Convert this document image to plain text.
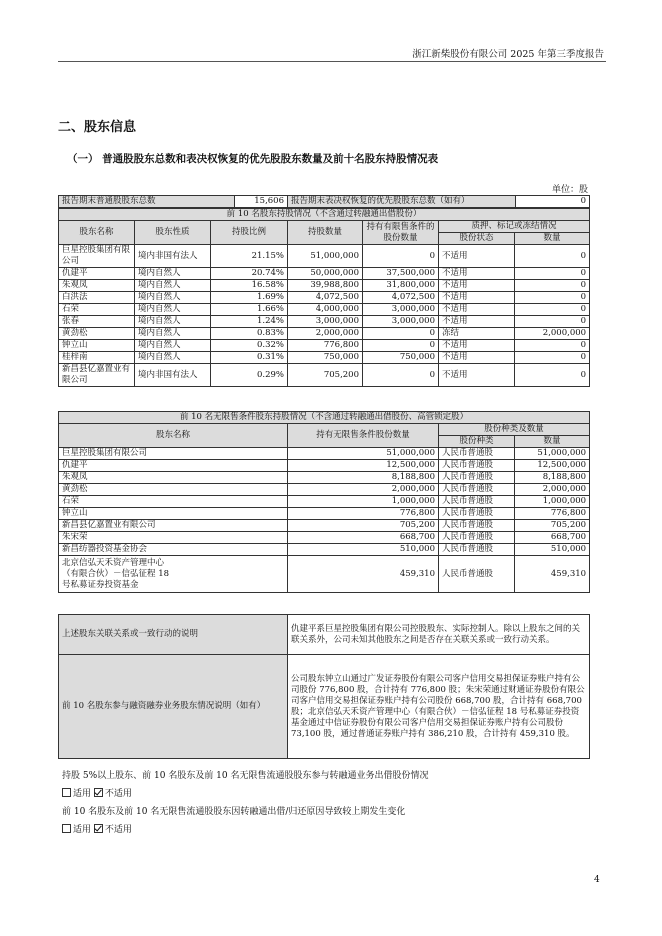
浙江新柴股份有限公司 2025 年第三季度报告
二、股东信息
（一） 普通股股东总数和表决权恢复的优先股股东数量及前十名股东持股情况表
单位：股
报告期末普通股股东总数	15,606	报告期末表决权恢复的优先股股东总数（如有）	0
前 10 名股东持股情况（不含通过转融通出借股份）						
股东名称	股东性质	持股比例	持股数量	持有有限售条件的股份数量	质押、标记或冻结情况	
					股份状态	数量
巨星控股集团有限公司	境内非国有法人	21.15%	51,000,000	0	不适用	0
仇建平	境内自然人	20.74%	50,000,000	37,500,000	不适用	0
朱观凤	境内自然人	16.58%	39,988,800	31,800,000	不适用	0
白洪法	境内自然人	1.69%	4,072,500	4,072,500	不适用	0
石荣	境内自然人	1.66%	4,000,000	3,000,000	不适用	0
张春	境内自然人	1.24%	3,000,000	3,000,000	不适用	0
黄劲松	境内自然人	0.83%	2,000,000	0	冻结	2,000,000
钟立山	境内自然人	0.32%	776,800	0	不适用	0
桂梓南	境内自然人	0.31%	750,000	750,000	不适用	0
新昌县亿嘉置业有限公司	境内非国有法人	0.29%	705,200	0	不适用	0
前 10 名无限售条件股东持股情况（不含通过转融通出借股份、高管锁定股）			
股东名称	持有无限售条件股份数量	股份种类及数量	
		股份种类	数量
巨星控股集团有限公司	51,000,000	人民币普通股	51,000,000
仇建平	12,500,000	人民币普通股	12,500,000
朱观凤	8,188,800	人民币普通股	8,188,800
黄劲松	2,000,000	人民币普通股	2,000,000
石荣	1,000,000	人民币普通股	1,000,000
钟立山	776,800	人民币普通股	776,800
新昌县亿嘉置业有限公司	705,200	人民币普通股	705,200
朱宋荣	668,700	人民币普通股	668,700
新昌纺器投资基金协会	510,000	人民币普通股	510,000
北京信弘天禾资产管理中心（有限合伙）－信弘征程 18 号私募证券投资基金	459,310	人民币普通股	459,310
上述股东关联关系或一致行动的说明	仇建平系巨星控股集团有限公司控股股东、实际控制人。除以上股东之间的关联关系外，公司未知其他股东之间是否存在关联关系或一致行动关系。
前 10 名股东参与融资融券业务股东情况说明（如有）	公司股东钟立山通过广发证券股份有限公司客户信用交易担保证券账户持有公司股份 776,800 股，合计持有 776,800 股；朱宋荣通过财通证券股份有限公司客户信用交易担保证券账户持有公司股份 668,700 股，合计持有 668,700 股；北京信弘天禾资产管理中心（有限合伙）－信弘征程 18 号私募证券投资基金通过中信证券股份有限公司客户信用交易担保证券账户持有公司股份 73,100 股，通过普通证券账户持有 386,210 股，合计持有 459,310 股。
持股 5%以上股东、前 10 名股东及前 10 名无限售流通股股东参与转融通业务出借股份情况
适用 不适用
前 10 名股东及前 10 名无限售流通股股东因转融通出借/归还原因导致较上期发生变化
适用 不适用
4
